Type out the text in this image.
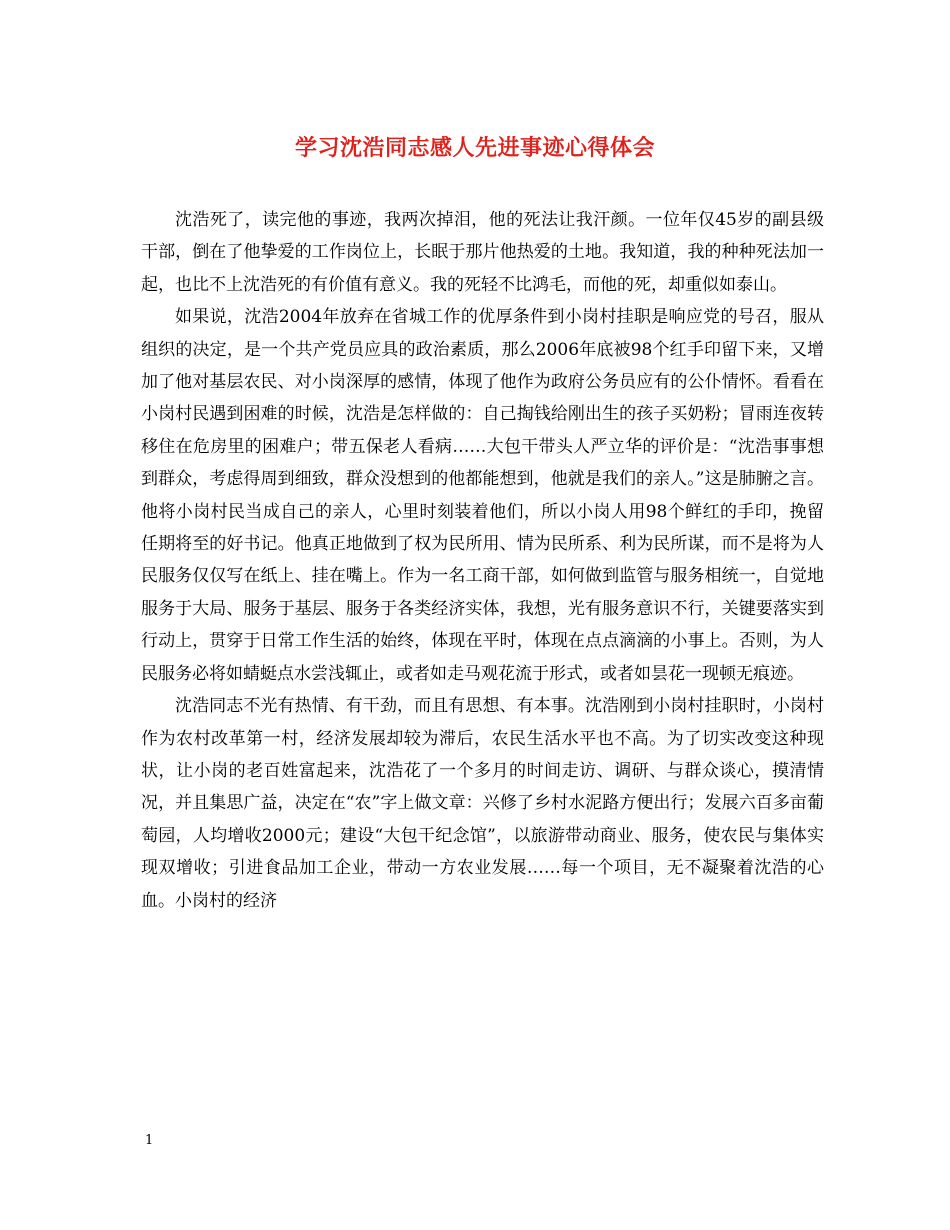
学习沈浩同志感人先进事迹心得体会

沈浩死了，读完他的事迹，我两次掉泪，他的死法让我汗颜。一位年仅45岁的副县级干部，倒在了他挚爱的工作岗位上，长眠于那片他热爱的土地。我知道，我的种种死法加一起，也比不上沈浩死的有价值有意义。我的死轻不比鸿毛，而他的死，却重似如泰山。

如果说，沈浩2004年放弃在省城工作的优厚条件到小岗村挂职是响应党的号召，服从组织的决定，是一个共产党员应具的政治素质，那么2006年底被98个红手印留下来，又增加了他对基层农民、对小岗深厚的感情，体现了他作为政府公务员应有的公仆情怀。看看在小岗村民遇到困难的时候，沈浩是怎样做的：自己掏钱给刚出生的孩子买奶粉；冒雨连夜转移住在危房里的困难户；带五保老人看病……大包干带头人严立华的评价是：“沈浩事事想到群众，考虑得周到细致，群众没想到的他都能想到，他就是我们的亲人。”这是肺腑之言。他将小岗村民当成自己的亲人，心里时刻装着他们，所以小岗人用98个鲜红的手印，挽留任期将至的好书记。他真正地做到了权为民所用、情为民所系、利为民所谋，而不是将为人民服务仅仅写在纸上、挂在嘴上。作为一名工商干部，如何做到监管与服务相统一，自觉地服务于大局、服务于基层、服务于各类经济实体，我想，光有服务意识不行，关键要落实到行动上，贯穿于日常工作生活的始终，体现在平时，体现在点点滴滴的小事上。否则，为人民服务必将如蜻蜓点水尝浅辄止，或者如走马观花流于形式，或者如昙花一现顿无痕迹。

沈浩同志不光有热情、有干劲，而且有思想、有本事。沈浩刚到小岗村挂职时，小岗村作为农村改革第一村，经济发展却较为滞后，农民生活水平也不高。为了切实改变这种现状，让小岗的老百姓富起来，沈浩花了一个多月的时间走访、调研、与群众谈心，摸清情况，并且集思广益，决定在“农”字上做文章：兴修了乡村水泥路方便出行；发展六百多亩葡萄园，人均增收2000元；建设“大包干纪念馆”，以旅游带动商业、服务，使农民与集体实现双增收；引进食品加工企业，带动一方农业发展……每一个项目，无不凝聚着沈浩的心血。小岗村的经济

1
